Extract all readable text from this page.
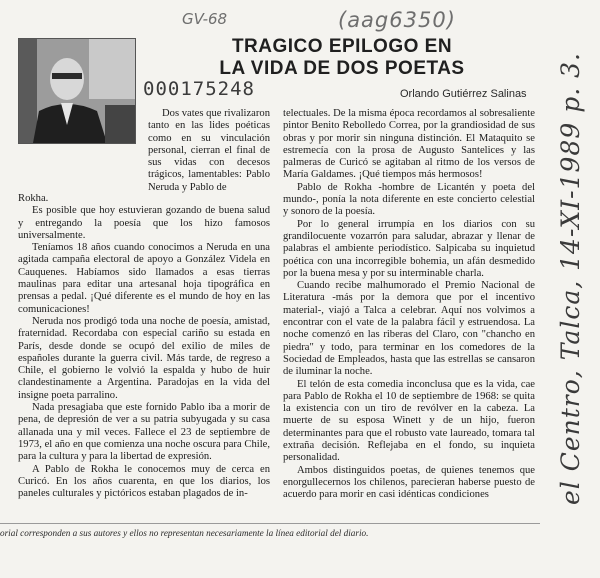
GV-68	(aag6350)
000175248
TRAGICO EPILOGO EN
LA VIDA DE DOS POETAS
Orlando Gutiérrez Salinas

Dos vates que rivalizaron tanto en las lides poéticas como en su vinculación personal, cierran el final de sus vidas con decesos trágicos, lamentables: Pablo Neruda y Pablo de

Rokha.

Es posible que hoy estuvieran gozando de buena salud y entregando la poesía que los hizo famosos universalmente.

Teníamos 18 años cuando conocimos a Neruda en una agitada campaña electoral de apoyo a González Videla en Cauquenes. Habíamos sido llamados a esas tierras maulinas para editar una artesanal hoja tipográfica en prensas a pedal. ¡Qué diferente es el mundo de hoy en las comunicaciones!

Neruda nos prodigó toda una noche de poesía, amistad, fraternidad. Recordaba con especial cariño su estada en París, desde donde se ocupó del exilio de miles de españoles durante la guerra civil. Más tarde, de regreso a Chile, el gobierno le volvió la espalda y hubo de huir clandestinamente a Argentina. Paradojas en la vida del insigne poeta parralino.

Nada presagiaba que este fornido Pablo iba a morir de pena, de depresión de ver a su patria subyugada y su casa allanada una y mil veces. Fallece el 23 de septiembre de 1973, el año en que comienza una noche oscura para Chile, para la cultura y para la libertad de expresión.

A Pablo de Rokha le conocemos muy de cerca en Curicó. En los años cuarenta, en que los diarios, los paneles culturales y pictóricos estaban plagados de in-

telectuales. De la misma época recordamos al sobresaliente pintor Benito Rebolledo Correa, por la grandiosidad de sus obras y por morir sin ninguna distinción. El Mataquito se estremecía con la prosa de Augusto Santelices y las palmeras de Curicó se agitaban al ritmo de los versos de María Galdames. ¡Qué tiempos más hermosos!

Pablo de Rokha -hombre de Licantén y poeta del mundo-, ponía la nota diferente en este concierto celestial y sonoro de la poesía.

Por lo general irrumpía en los diarios con su grandilocuente vozarrón para saludar, abrazar y llenar de palabras el ambiente periodístico. Salpicaba su inquietud poética con una incorregible bohemia, un afán desmedido por la buena mesa y por su interminable charla.

Cuando recibe malhumorado el Premio Nacional de Literatura -más por la demora que por el incentivo material-, viajó a Talca a celebrar. Aquí nos volvimos a encontrar con el vate de la palabra fácil y estruendosa. La noche comenzó en las riberas del Claro, con "chancho en piedra" y todo, para terminar en los comedores de la Sociedad de Empleados, hasta que las estrellas se cansaron de iluminar la noche.

El telón de esta comedia inconclusa que es la vida, cae para Pablo de Rokha el 10 de septiembre de 1968: se quita la existencia con un tiro de revólver en la cabeza. La muerte de su esposa Winett y de un hijo, fueron determinantes para que el robusto vate laureado, tomara tal extraña decisión. Reflejaba en el fondo, su inquieta personalidad.

Ambos distinguidos poetas, de quienes tenemos que enorgullecernos los chilenos, parecieran haberse puesto de acuerdo para morir en casi idénticas condiciones	el Centro, Talca, 14-XI-1989 p. 3.
orial corresponden a sus autores y ellos no representan necesariamente la línea editorial del diario.
